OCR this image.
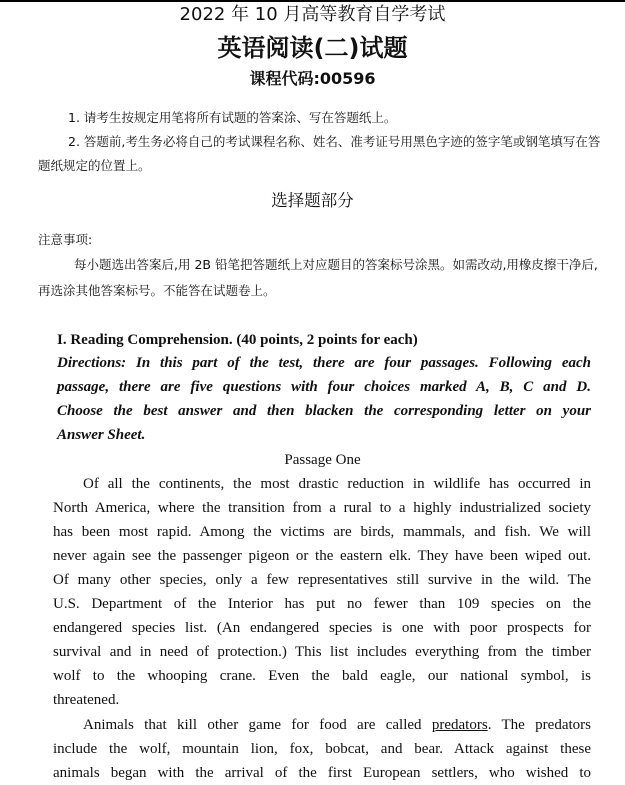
2022 年 10 月高等教育自学考试
英语阅读(二)试题
课程代码:00596
1. 请考生按规定用笔将所有试题的答案涂、写在答题纸上。
2. 答题前,考生务必将自己的考试课程名称、姓名、准考证号用黑色字迹的签字笔或钢笔填写在答题纸规定的位置上。
选择题部分
注意事项:
每小题选出答案后,用 2B 铅笔把答题纸上对应题目的答案标号涂黑。如需改动,用橡皮擦干净后,再选涂其他答案标号。不能答在试题卷上。
I. Reading Comprehension. (40 points, 2 points for each)
Directions: In this part of the test, there are four passages. Following each
passage, there are five questions with four choices marked A, B, C and D.
Choose the best answer and then blacken the corresponding letter on your
Answer Sheet.
Passage One
Of all the continents, the most drastic reduction in wildlife has occurred in
North America, where the transition from a rural to a highly industrialized society
has been most rapid. Among the victims are birds, mammals, and fish. We will
never again see the passenger pigeon or the eastern elk. They have been wiped out.
Of many other species, only a few representatives still survive in the wild. The
U.S. Department of the Interior has put no fewer than 109 species on the
endangered species list. (An endangered species is one with poor prospects for
survival and in need of protection.) This list includes everything from the timber
wolf to the whooping crane. Even the bald eagle, our national symbol, is
threatened.
Animals that kill other game for food are called predators. The predators
include the wolf, mountain lion, fox, bobcat, and bear. Attack against these
animals began with the arrival of the first European settlers, who wished to
